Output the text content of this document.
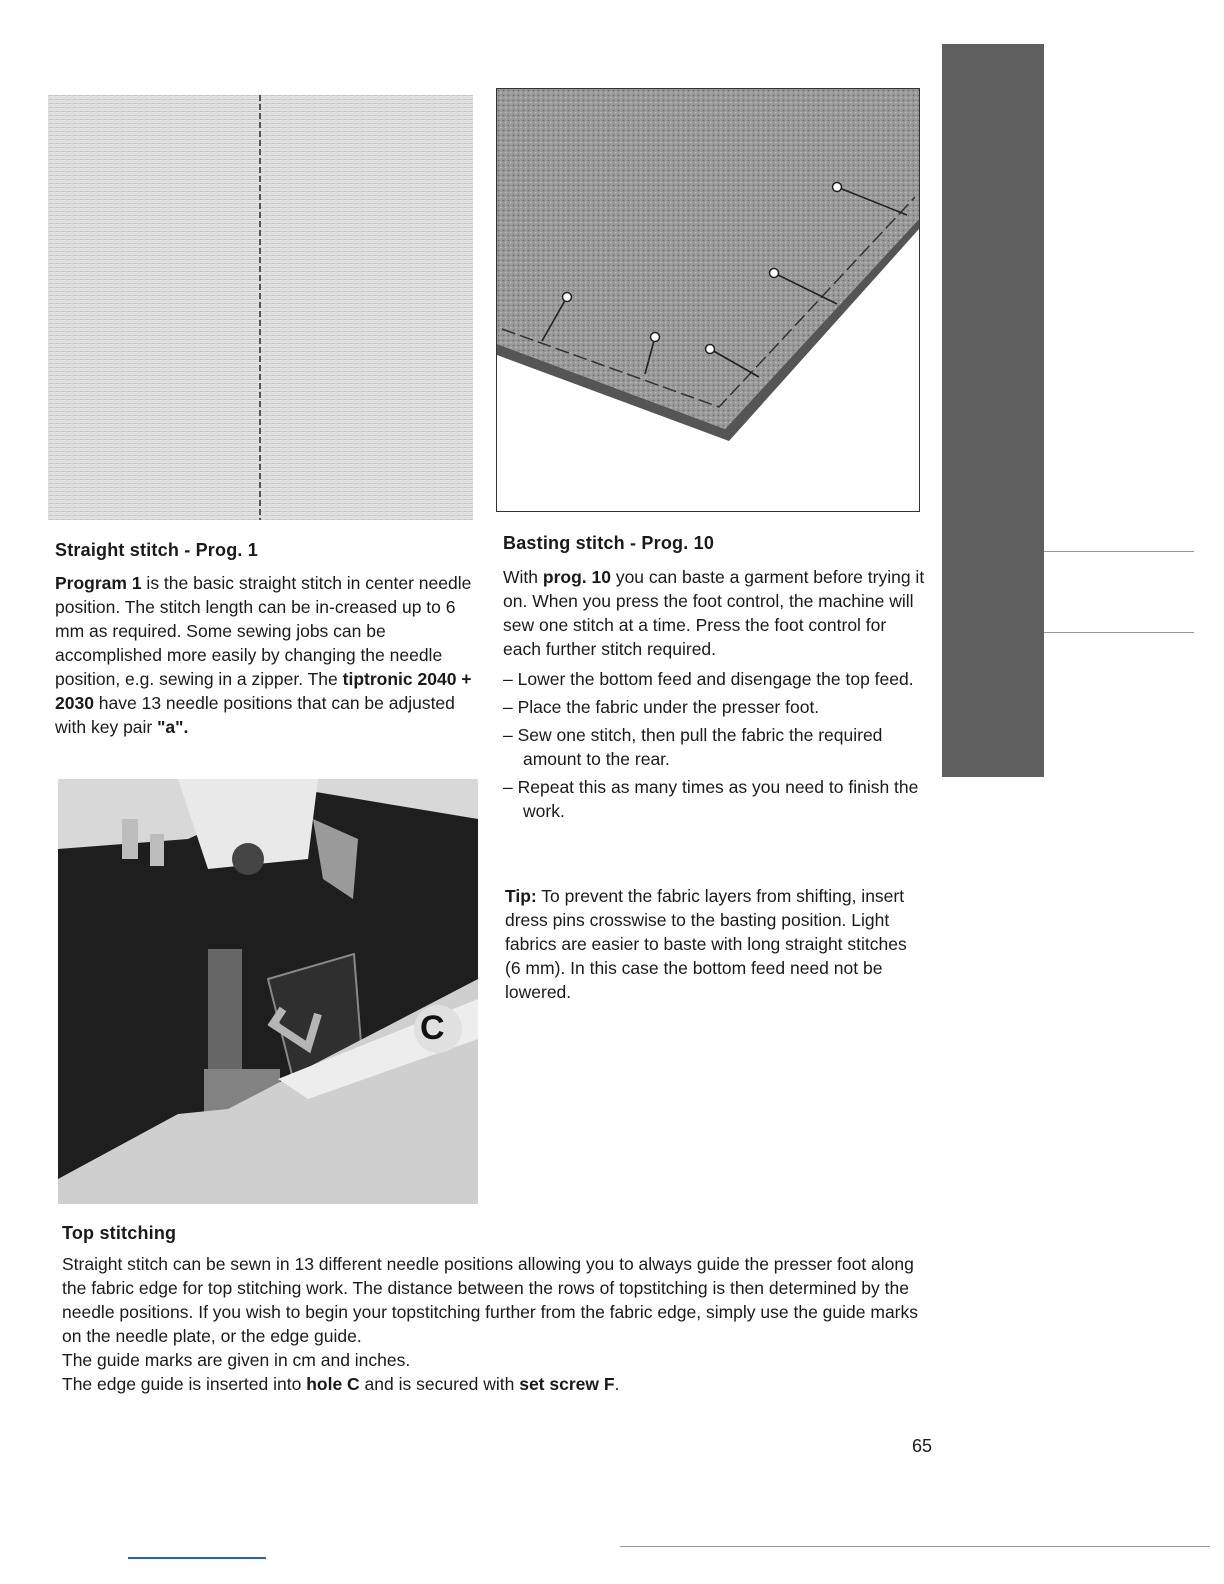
Straight stitch - Prog. 1
Program 1 is the basic straight stitch in center needle position. The stitch length can be in-creased up to 6 mm as required. Some sewing jobs can be accomplished more easily by changing the needle position, e.g. sewing in a zipper. The tiptronic 2040 + 2030 have 13 needle positions that can be adjusted with key pair "a".
C
Basting stitch - Prog. 10
With prog. 10 you can baste a garment before trying it on. When you press the foot control, the machine will sew one stitch at a time. Press the foot control for each further stitch required.
– Lower the bottom feed and disengage the top feed.
– Place the fabric under the presser foot.
– Sew one stitch, then pull the fabric the required amount to the rear.
– Repeat this as many times as you need to finish the work.
Tip: To prevent the fabric layers from shifting, insert dress pins crosswise to the basting position. Light fabrics are easier to baste with long straight stitches (6 mm). In this case the bottom feed need not be lowered.
Top stitching
Straight stitch can be sewn in 13 different needle positions allowing you to always guide the presser foot along the fabric edge for top stitching work. The distance between the rows of topstitching is then determined by the needle positions. If you wish to begin your topstitching further from the fabric edge, simply use the guide marks on the needle plate, or the edge guide.
The guide marks are given in cm and inches.
The edge guide is inserted into hole C and is secured with set screw F.
65
